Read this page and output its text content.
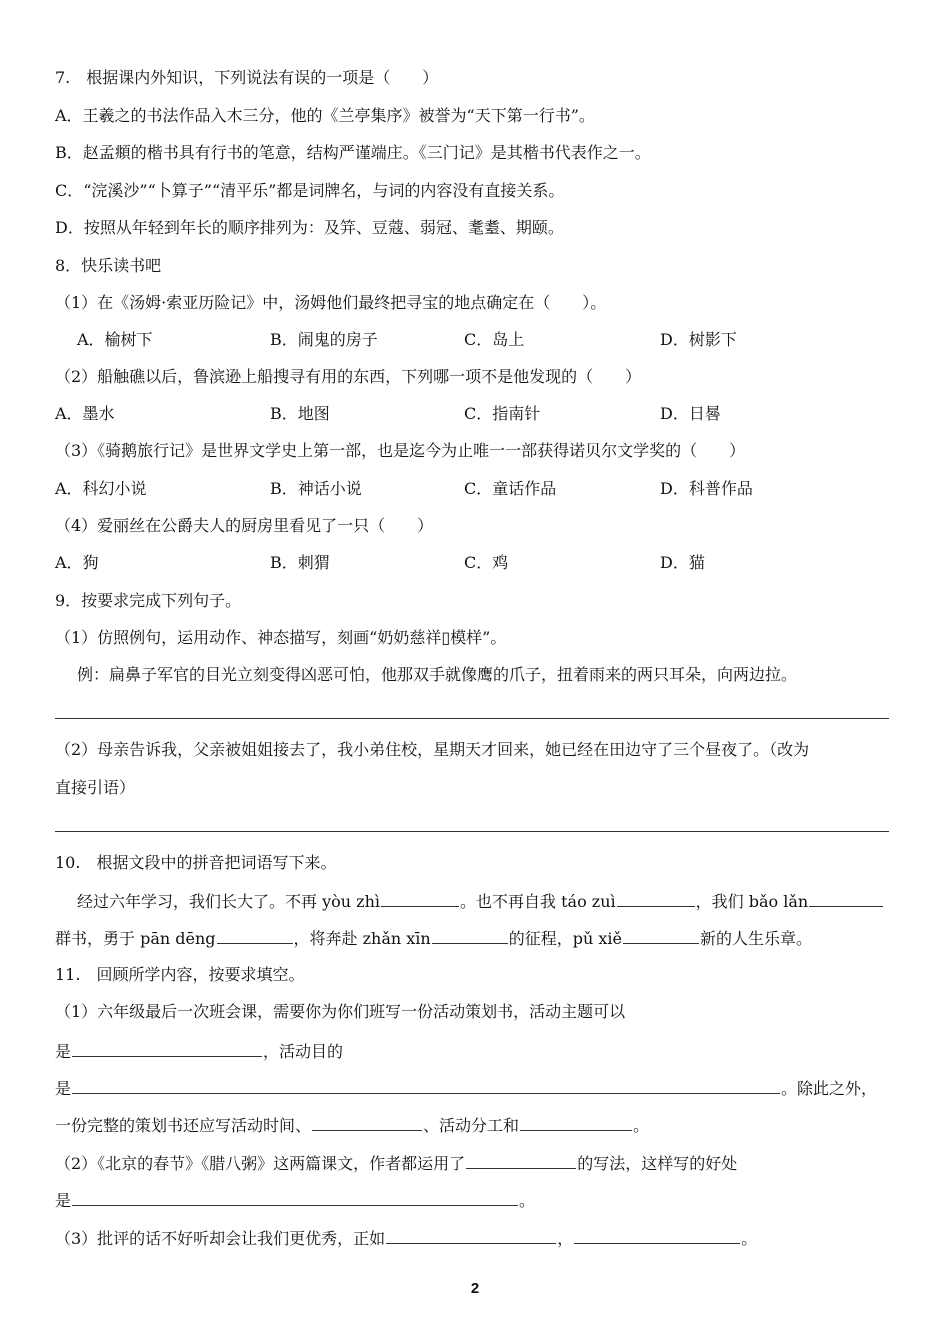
7.　根据课内外知识，下列说法有误的一项是（　　）
A．王羲之的书法作品入木三分，他的《兰亭集序》被誉为“天下第一行书”。
B．赵孟頫的楷书具有行书的笔意，结构严谨端庄。《三门记》是其楷书代表作之一。
C．“浣溪沙”“卜算子”“清平乐”都是词牌名，与词的内容没有直接关系。
D．按照从年轻到年长的顺序排列为：及笄、豆蔻、弱冠、耄耋、期颐。
8．快乐读书吧
（1）在《汤姆·索亚历险记》中，汤姆他们最终把寻宝的地点确定在（　　）。
A．榆树下	B．闹鬼的房子	C．岛上	D．树影下
（2）船触礁以后，鲁滨逊上船搜寻有用的东西，下列哪一项不是他发现的（　　）
A．墨水	B．地图	C．指南针	D．日晷
（3）《骑鹅旅行记》是世界文学史上第一部，也是迄今为止唯一一部获得诺贝尔文学奖的（　　）
A．科幻小说	B．神话小说	C．童话作品	D．科普作品
（4）爱丽丝在公爵夫人的厨房里看见了一只（　　）
A．狗	B．刺猬	C．鸡	D．猫
9．按要求完成下列句子。
（1）仿照例句，运用动作、神态描写，刻画“奶奶慈祥▯模样”。
例：扁鼻子军官的目光立刻变得凶恶可怕，他那双手就像鹰的爪子，扭着雨来的两只耳朵，向两边拉。
（2）母亲告诉我，父亲被姐姐接去了，我小弟住校，星期天才回来，她已经在田边守了三个昼夜了。（改为
直接引语）
10.　根据文段中的拼音把词语写下来。
经过六年学习，我们长大了。不再 yòu zhì	。也不再自我 táo zuì	，我们 bǎo lǎn
群书，勇于 pān dēng	，将奔赴 zhǎn xīn	的征程，pǔ xiě	新的人生乐章。
11.　回顾所学内容，按要求填空。
（1）六年级最后一次班会课，需要你为你们班写一份活动策划书，活动主题可以
是	，活动目的
是	。除此之外，
一份完整的策划书还应写活动时间、	、活动分工和	。
（2）《北京的春节》《腊八粥》这两篇课文，作者都运用了	的写法，这样写的好处
是	。
（3）批评的话不好听却会让我们更优秀，正如	，	。
2
